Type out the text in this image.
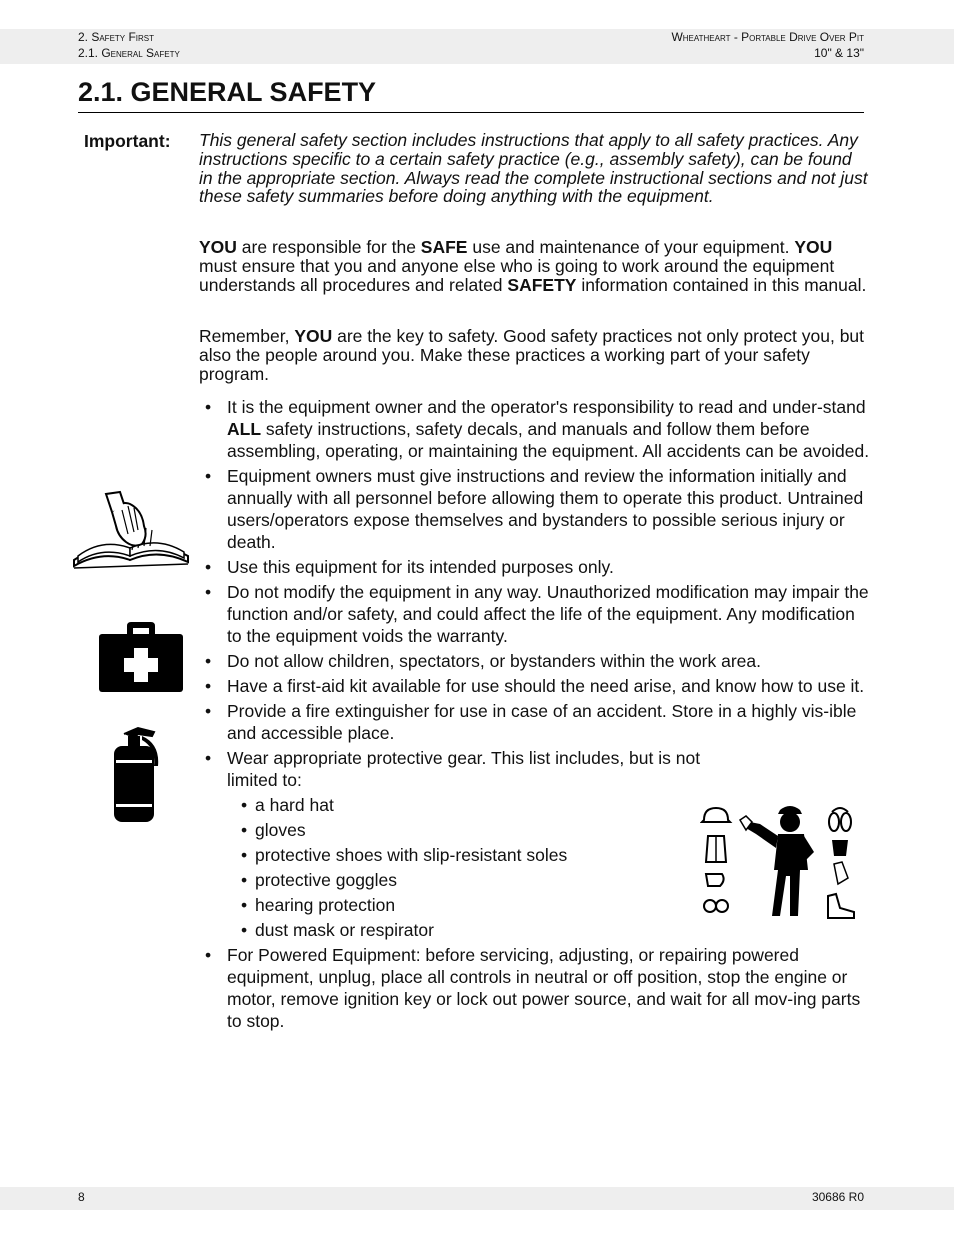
2. Safety First
2.1. General Safety
Wheatheart - Portable Drive Over Pit
10" & 13"
2.1. GENERAL SAFETY
Important: This general safety section includes instructions that apply to all safety practices. Any instructions specific to a certain safety practice (e.g., assembly safety), can be found in the appropriate section. Always read the complete instructional sections and not just these safety summaries before doing anything with the equipment.
YOU are responsible for the SAFE use and maintenance of your equipment. YOU must ensure that you and anyone else who is going to work around the equipment understands all procedures and related SAFETY information contained in this manual.
Remember, YOU are the key to safety. Good safety practices not only protect you, but also the people around you. Make these practices a working part of your safety program.
• It is the equipment owner and the operator's responsibility to read and under-stand ALL safety instructions, safety decals, and manuals and follow them before assembling, operating, or maintaining the equipment. All accidents can be avoided.
• Equipment owners must give instructions and review the information initially and annually with all personnel before allowing them to operate this product. Untrained users/operators expose themselves and bystanders to possible serious injury or death.
• Use this equipment for its intended purposes only.
• Do not modify the equipment in any way. Unauthorized modification may impair the function and/or safety, and could affect the life of the equipment. Any modification to the equipment voids the warranty.
• Do not allow children, spectators, or bystanders within the work area.
• Have a first-aid kit available for use should the need arise, and know how to use it.
• Provide a fire extinguisher for use in case of an accident. Store in a highly vis-ible and accessible place.
• Wear appropriate protective gear. This list includes, but is not limited to:
• a hard hat
• gloves
• protective shoes with slip-resistant soles
• protective goggles
• hearing protection
• dust mask or respirator
• For Powered Equipment: before servicing, adjusting, or repairing powered equipment, unplug, place all controls in neutral or off position, stop the engine or motor, remove ignition key or lock out power source, and wait for all mov-ing parts to stop.
8	30686 R0
